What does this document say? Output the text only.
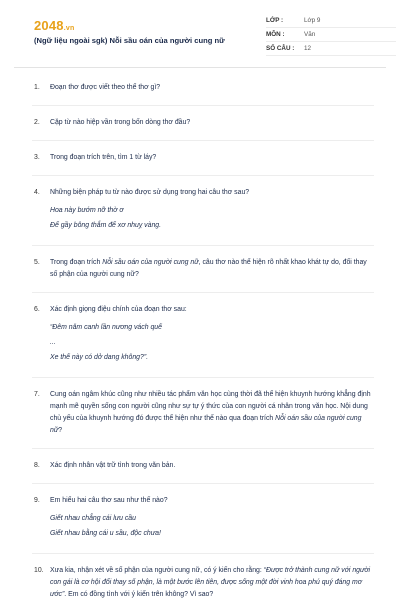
2048.vn
(Ngữ liệu ngoài sgk) Nỗi sầu oán của người cung nữ
LỚP :	Lớp 9
MÔN :	Văn
SỐ CÂU :	12
1. Đoạn thơ được viết theo thể thơ gì?
2. Cặp từ nào hiệp vần trong bốn dòng thơ đầu?
3. Trong đoạn trích trên, tìm 1 từ láy?
4. Những biện pháp tu từ nào được sử dụng trong hai câu thơ sau?

Hoa này bướm nỡ thờ ơ

Để gầy bông thắm để xơ nhuỵ vàng.

5. Trong đoạn trích Nỗi sầu oán của người cung nữ, câu thơ nào thể hiện rõ nhất khao khát tự do, đổi thay số phận của người cung nữ?
6. Xác định giọng điệu chính của đoạn thơ sau:

“Đêm năm canh lần nương vách quế

...

Xe thế này có dở dang không?”.

7. Cung oán ngâm khúc cũng như nhiều tác phẩm văn học cùng thời đã thể hiện khuynh hướng khẳng định mạnh mẽ quyền sống con người cũng như sự tự ý thức của con người cá nhân trong văn học. Nội dung chủ yếu của khuynh hướng đó được thể hiện như thế nào qua đoạn trích Nỗi oán sầu của người cung nữ?
8. Xác định nhân vật trữ tình trong văn bản.
9. Em hiểu hai câu thơ sau như thế nào?

Giết nhau chẳng cái lưu cầu

Giết nhau bằng cái u sầu, độc chưa!

10. Xưa kia, nhận xét về số phận của người cung nữ, có ý kiến cho rằng: “Được trở thành cung nữ với người con gái là cơ hội đổi thay số phận, là một bước lên tiên, được sống một đời vinh hoa phú quý đáng mơ ước”. Em có đồng tình với ý kiến trên không? Vì sao?
